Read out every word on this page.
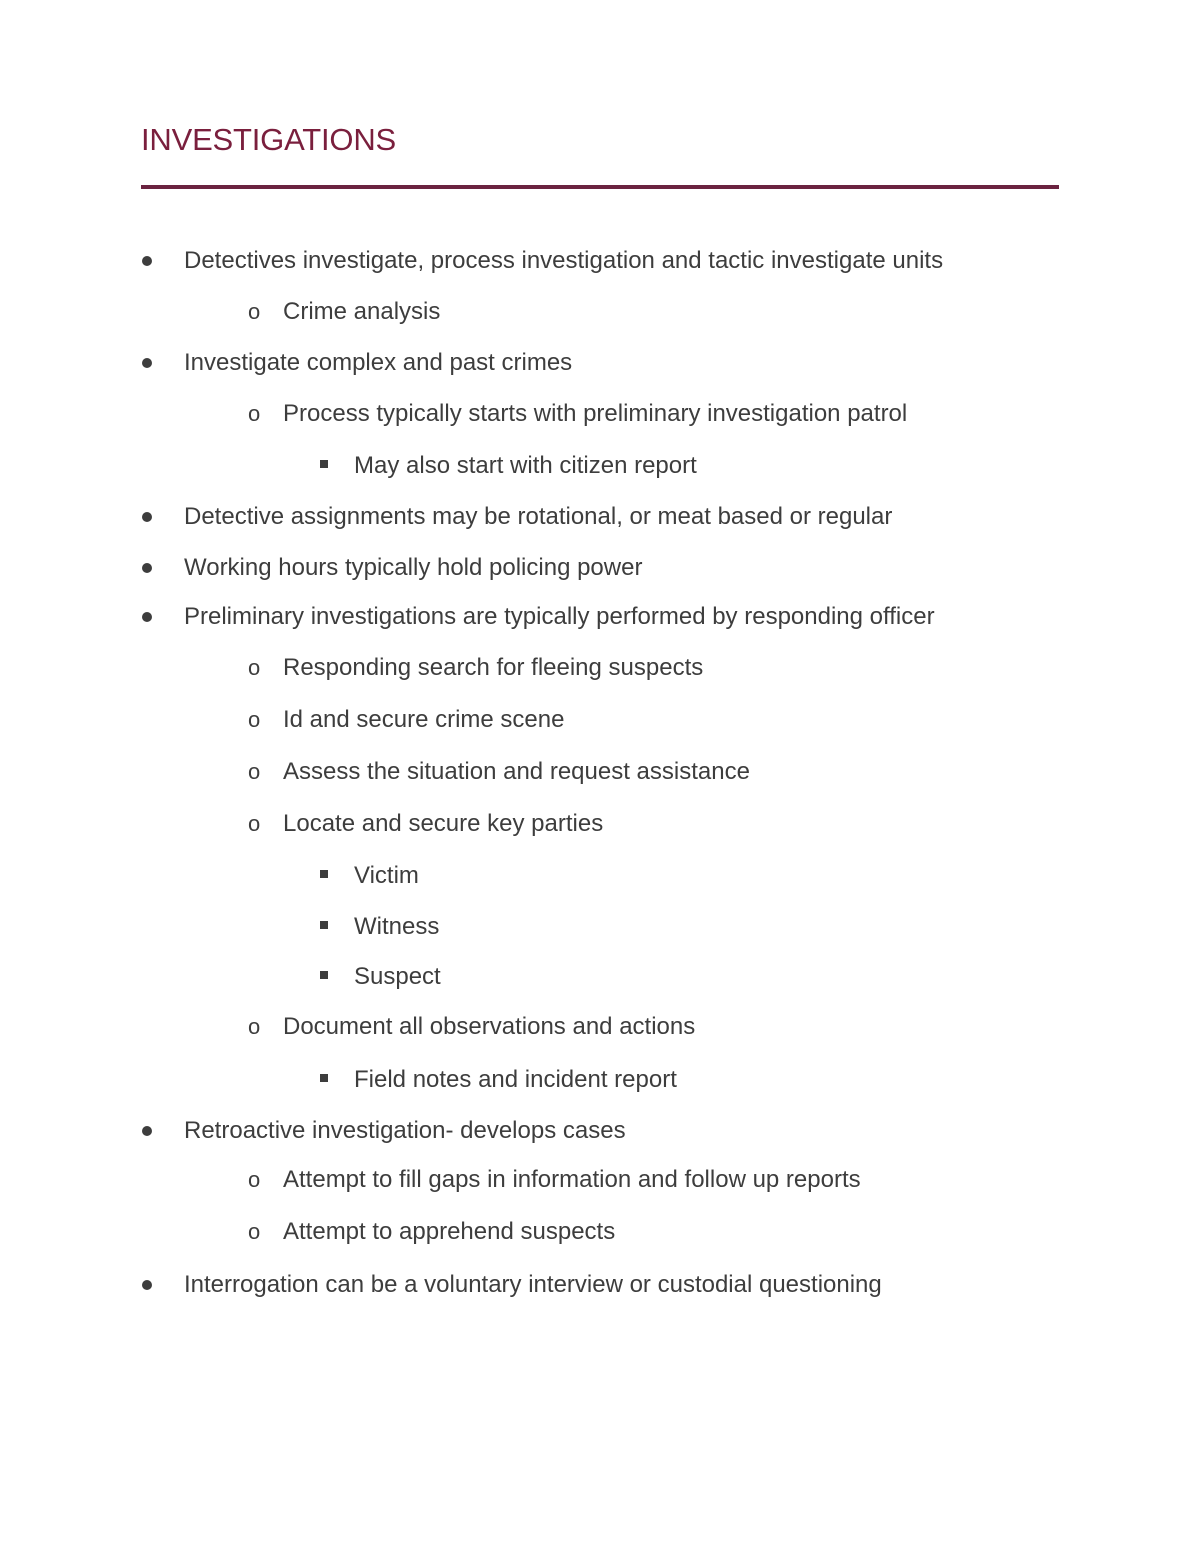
INVESTIGATIONS
Detectives investigate, process investigation and tactic investigate units
o Crime analysis
Investigate complex and past crimes
o Process typically starts with preliminary investigation patrol
May also start with citizen report
Detective assignments may be rotational, or meat based or regular
Working hours typically hold policing power
Preliminary investigations are typically performed by responding officer
o Responding search for fleeing suspects
o Id and secure crime scene
o Assess the situation and request assistance
o Locate and secure key parties
Victim
Witness
Suspect
o Document all observations and actions
Field notes and incident report
Retroactive investigation- develops cases
o Attempt to fill gaps in information and follow up reports
o Attempt to apprehend suspects
Interrogation can be a voluntary interview or custodial questioning
